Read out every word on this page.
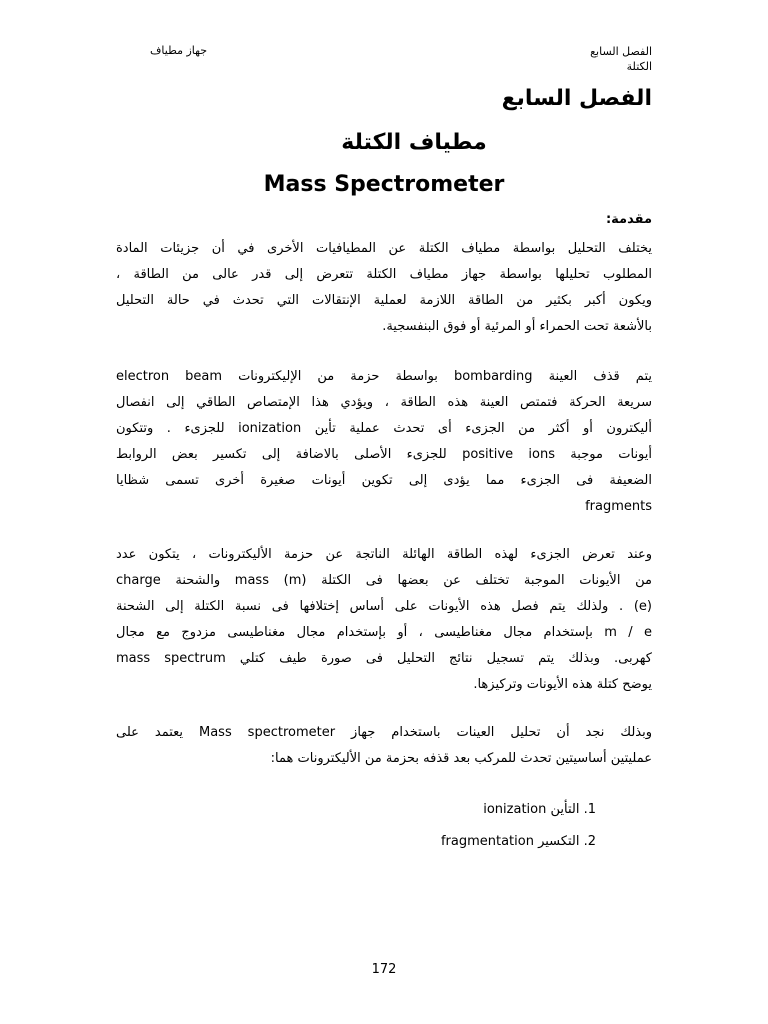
الفصل السابع
الكتلة
جهاز مطياف
الفصل السابع
مطياف الكتلة
Mass Spectrometer
مقدمة:
يختلف التحليل بواسطة مطياف الكتلة عن المطيافيات الأخرى في أن جزيئات المادة
المطلوب تحليلها بواسطة جهاز مطياف الكتلة تتعرض إلى قدر عالى من الطاقة ،
ويكون أكبر بكثير من الطاقة اللازمة لعملية الإنتقالات التي تحدث في حالة التحليل
بالأشعة تحت الحمراء أو المرئية أو فوق البنفسجية.
يتم قذف العينة bombarding بواسطة حزمة من الإليكترونات electron beam
سريعة الحركة فتمتص العينة هذه الطاقة ، ويؤدي هذا الإمتصاص الطاقي إلى انفصال
أليكترون أو أكثر من الجزىء أى تحدث عملية تأين ionization للجزىء . وتتكون
أيونات موجبة positive ions للجزىء الأصلى بالاضافة إلى تكسير بعض الروابط
الضعيفة فى الجزىء مما يؤدى إلى تكوين أيونات صغيرة أخرى تسمى شظايا
fragments
وعند تعرض الجزىء لهذه الطاقة الهائلة الناتجة عن حزمة الأليكترونات ، يتكون عدد
من الأيونات الموجبة تختلف عن بعضها فى الكتلة (m) mass والشحنة charge
(e) . ولذلك يتم فصل هذه الأيونات على أساس إختلافها فى نسبة الكتلة إلى الشحنة
m / e بإستخدام مجال مغناطيسى ، أو بإستخدام مجال مغناطيسى مزدوج مع مجال
كهربى. وبذلك يتم تسجيل نتائج التحليل فى صورة طيف كتلي mass spectrum
يوضح كتلة هذه الأيونات وتركيزها.
وبذلك نجد أن تحليل العينات باستخدام جهاز Mass spectrometer يعتمد على
عمليتين أساسيتين تحدث للمركب بعد قذفه بحزمة من الأليكترونات هما:
1. التأين ionization
2. التكسير fragmentation
172
